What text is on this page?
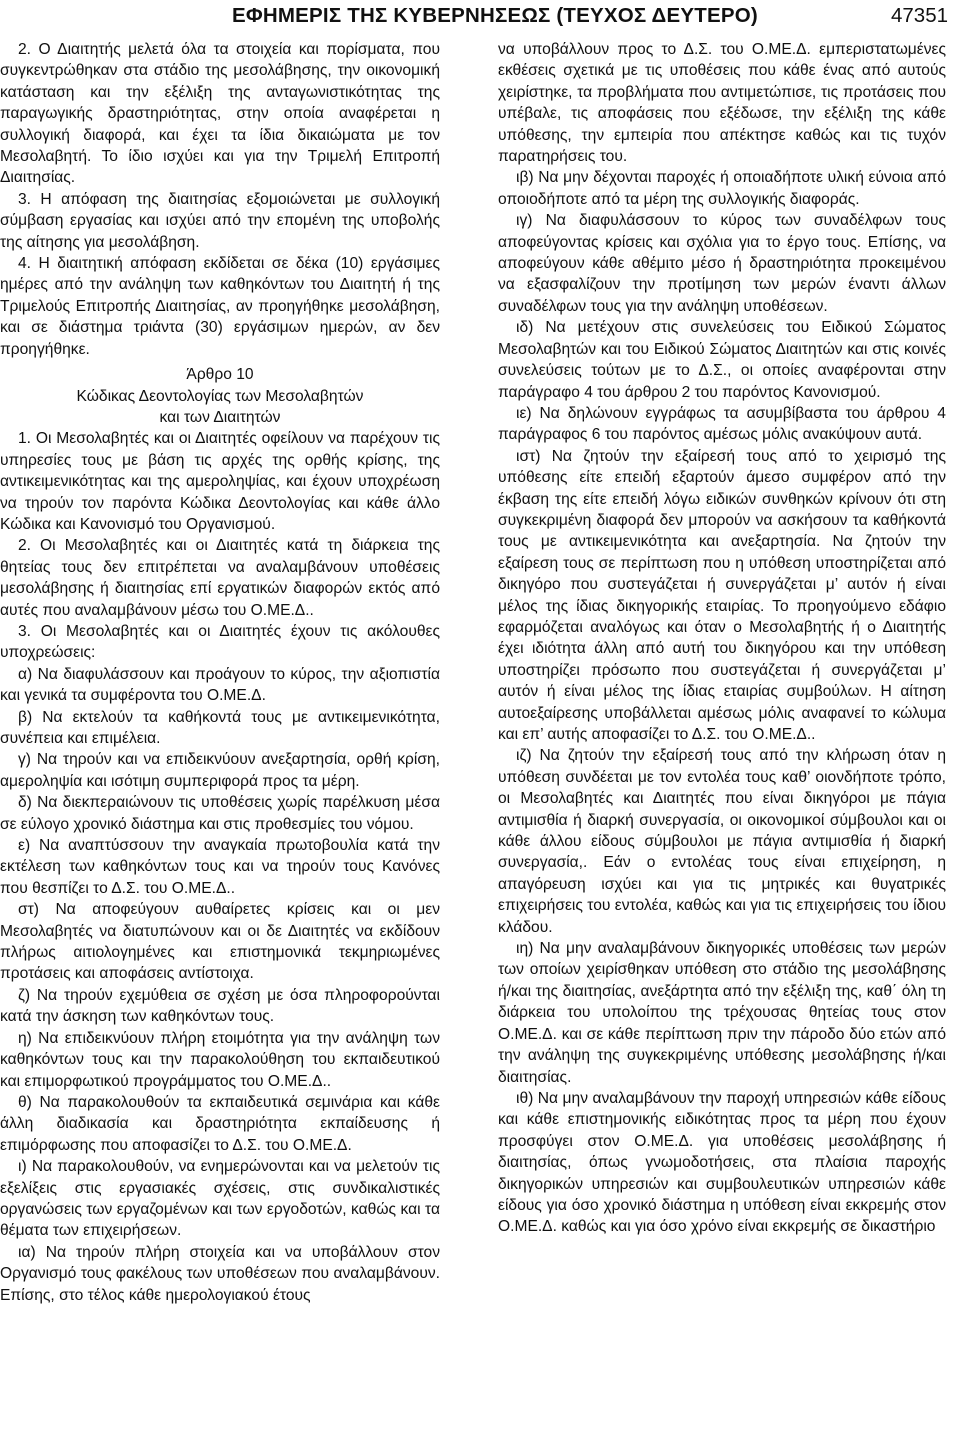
ΕΦΗΜΕΡΙΣ ΤΗΣ ΚΥΒΕΡΝΗΣΕΩΣ (ΤΕΥΧΟΣ ΔΕΥΤΕΡΟ)	47351

2. Ο Διαιτητής μελετά όλα τα στοιχεία και πορίσματα, που συγκεντρώθηκαν στα στάδιο της μεσολάβησης, την οικονομική κατάσταση και την εξέλιξη της ανταγωνιστικότητας της παραγωγικής δραστηριότητας, στην οποία αναφέρεται η συλλογική διαφορά, και έχει τα ίδια δικαιώματα με τον Μεσολαβητή. Το ίδιο ισχύει και για την Τριμελή Επιτροπή Διαιτησίας.

3. Η απόφαση της διαιτησίας εξομοιώνεται με συλλογική σύμβαση εργασίας και ισχύει από την επομένη της υποβολής της αίτησης για μεσολάβηση.

4. Η διαιτητική απόφαση εκδίδεται σε δέκα (10) εργάσιμες ημέρες από την ανάληψη των καθηκόντων του Διαιτητή ή της Τριμελούς Επιτροπής Διαιτησίας, αν προηγήθηκε μεσολάβηση, και σε διάστημα τριάντα (30) εργάσιμων ημερών, αν δεν προηγήθηκε.

Άρθρο 10

Κώδικας Δεοντολογίας των Μεσολαβητών

και των Διαιτητών

1. Οι Μεσολαβητές και οι Διαιτητές οφείλουν να παρέχουν τις υπηρεσίες τους με βάση τις αρχές της ορθής κρίσης, της αντικειμενικότητας και της αμεροληψίας, και έχουν υποχρέωση να τηρούν τον παρόντα Κώδικα Δεοντολογίας και κάθε άλλο Κώδικα και Κανονισμό του Οργανισμού.

2. Οι Μεσολαβητές και οι Διαιτητές κατά τη διάρκεια της θητείας τους δεν επιτρέπεται να αναλαμβάνουν υποθέσεις μεσολάβησης ή διαιτησίας επί εργατικών διαφορών εκτός από αυτές που αναλαμβάνουν μέσω του Ο.ΜΕ.Δ..

3. Οι Μεσολαβητές και οι Διαιτητές έχουν τις ακόλουθες υποχρεώσεις:

α) Να διαφυλάσσουν και προάγουν το κύρος, την αξιοπιστία και γενικά τα συμφέροντα του Ο.ΜΕ.Δ.

β) Να εκτελούν τα καθήκοντά τους με αντικειμενικότητα, συνέπεια και επιμέλεια.

γ) Να τηρούν και να επιδεικνύουν ανεξαρτησία, ορθή κρίση, αμεροληψία και ισότιμη συμπεριφορά προς τα μέρη.

δ) Να διεκπεραιώνουν τις υποθέσεις χωρίς παρέλκυση μέσα σε εύλογο χρονικό διάστημα και στις προθεσμίες του νόμου.

ε) Να αναπτύσσουν την αναγκαία πρωτοβουλία κατά την εκτέλεση των καθηκόντων τους και να τηρούν τους Κανόνες που θεσπίζει το Δ.Σ. του Ο.ΜΕ.Δ..

στ) Να αποφεύγουν αυθαίρετες κρίσεις και οι μεν Μεσολαβητές να διατυπώνουν και οι δε Διαιτητές να εκδίδουν πλήρως αιτιολογημένες και επιστημονικά τεκμηριωμένες προτάσεις και αποφάσεις αντίστοιχα.

ζ) Να τηρούν εχεμύθεια σε σχέση με όσα πληροφορούνται κατά την άσκηση των καθηκόντων τους.

η) Να επιδεικνύουν πλήρη ετοιμότητα για την ανάληψη των καθηκόντων τους και την παρακολούθηση του εκπαιδευτικού και επιμορφωτικού προγράμματος του Ο.ΜΕ.Δ..

θ) Να παρακολουθούν τα εκπαιδευτικά σεμινάρια και κάθε άλλη διαδικασία και δραστηριότητα εκπαίδευσης ή επιμόρφωσης που αποφασίζει το Δ.Σ. του Ο.ΜΕ.Δ.

ι) Να παρακολουθούν, να ενημερώνονται και να μελετούν τις εξελίξεις στις εργασιακές σχέσεις, στις συνδικαλιστικές οργανώσεις των εργαζομένων και των εργοδοτών, καθώς και τα θέματα των επιχειρήσεων.

ια) Να τηρούν πλήρη στοιχεία και να υποβάλλουν στον Οργανισμό τους φακέλους των υποθέσεων που αναλαμβάνουν. Επίσης, στο τέλος κάθε ημερολογιακού έτους

να υποβάλλουν προς το Δ.Σ. του Ο.ΜΕ.Δ. εμπεριστατωμένες εκθέσεις σχετικά με τις υποθέσεις που κάθε ένας από αυτούς χειρίστηκε, τα προβλήματα που αντιμετώπισε, τις προτάσεις που υπέβαλε, τις αποφάσεις που εξέδωσε, την εξέλιξη της κάθε υπόθεσης, την εμπειρία που απέκτησε καθώς και τις τυχόν παρατηρήσεις του.

ιβ) Να μην δέχονται παροχές ή οποιαδήποτε υλική εύνοια από οποιοδήποτε από τα μέρη της συλλογικής διαφοράς.

ιγ) Να διαφυλάσσουν το κύρος των συναδέλφων τους αποφεύγοντας κρίσεις και σχόλια για το έργο τους. Επίσης, να αποφεύγουν κάθε αθέμιτο μέσο ή δραστηριότητα προκειμένου να εξασφαλίζουν την προτίμηση των μερών έναντι άλλων συναδέλφων τους για την ανάληψη υποθέσεων.

ιδ) Να μετέχουν στις συνελεύσεις του Ειδικού Σώματος Μεσολαβητών και του Ειδικού Σώματος Διαιτητών και στις κοινές συνελεύσεις τούτων με το Δ.Σ., οι οποίες αναφέρονται στην παράγραφο 4 του άρθρου 2 του παρόντος Κανονισμού.

ιε) Να δηλώνουν εγγράφως τα ασυμβίβαστα του άρθρου 4 παράγραφος 6 του παρόντος αμέσως μόλις ανακύψουν αυτά.

ιστ) Να ζητούν την εξαίρεσή τους από το χειρισμό της υπόθεσης είτε επειδή εξαρτούν άμεσο συμφέρον από την έκβαση της είτε επειδή λόγω ειδικών συνθηκών κρίνουν ότι στη συγκεκριμένη διαφορά δεν μπορούν να ασκήσουν τα καθήκοντά τους με αντικειμενικότητα και ανεξαρτησία. Να ζητούν την εξαίρεση τους σε περίπτωση που η υπόθεση υποστηρίζεται από δικηγόρο που συστεγάζεται ή συνεργάζεται μ’ αυτόν ή είναι μέλος της ίδιας δικηγορικής εταιρίας. Το προηγούμενο εδάφιο εφαρμόζεται αναλόγως και όταν ο Μεσολαβητής ή ο Διαιτητής έχει ιδιότητα άλλη από αυτή του δικηγόρου και την υπόθεση υποστηρίζει πρόσωπο που συστεγάζεται ή συνεργάζεται μ’ αυτόν ή είναι μέλος της ίδιας εταιρίας συμβούλων. Η αίτηση αυτοεξαίρεσης υποβάλλεται αμέσως μόλις αναφανεί το κώλυμα και επ’ αυτής αποφασίζει το Δ.Σ. του Ο.ΜΕ.Δ..

ιζ) Να ζητούν την εξαίρεσή τους από την κλήρωση όταν η υπόθεση συνδέεται με τον εντολέα τους καθ’ οιονδήποτε τρόπο, οι Μεσολαβητές και Διαιτητές που είναι δικηγόροι με πάγια αντιμισθία ή διαρκή συνεργασία, οι οικονομικοί σύμβουλοι και οι κάθε άλλου είδους σύμβουλοι με πάγια αντιμισθία ή διαρκή συνεργασία,. Εάν ο εντολέας τους είναι επιχείρηση, η απαγόρευση ισχύει και για τις μητρικές και θυγατρικές επιχειρήσεις του εντολέα, καθώς και για τις επιχειρήσεις του ίδιου κλάδου.

ιη) Να μην αναλαμβάνουν δικηγορικές υποθέσεις των μερών των οποίων χειρίσθηκαν υπόθεση στο στάδιο της μεσολάβησης ή/και της διαιτησίας, ανεξάρτητα από την εξέλιξη της, καθ΄ όλη τη διάρκεια του υπολοίπου της τρέχουσας θητείας τους στον Ο.ΜΕ.Δ. και σε κάθε περίπτωση πριν την πάροδο δύο ετών από την ανάληψη της συγκεκριμένης υπόθεσης μεσολάβησης ή/και διαιτησίας.

ιθ) Να μην αναλαμβάνουν την παροχή υπηρεσιών κάθε είδους και κάθε επιστημονικής ειδικότητας προς τα μέρη που έχουν προσφύγει στον Ο.ΜΕ.Δ. για υποθέσεις μεσολάβησης ή διαιτησίας, όπως γνωμοδοτήσεις, στα πλαίσια παροχής δικηγορικών υπηρεσιών και συμβουλευτικών υπηρεσιών κάθε είδους για όσο χρονικό διάστημα η υπόθεση είναι εκκρεμής στον Ο.ΜΕ.Δ. καθώς και για όσο χρόνο είναι εκκρεμής σε δικαστήριο
